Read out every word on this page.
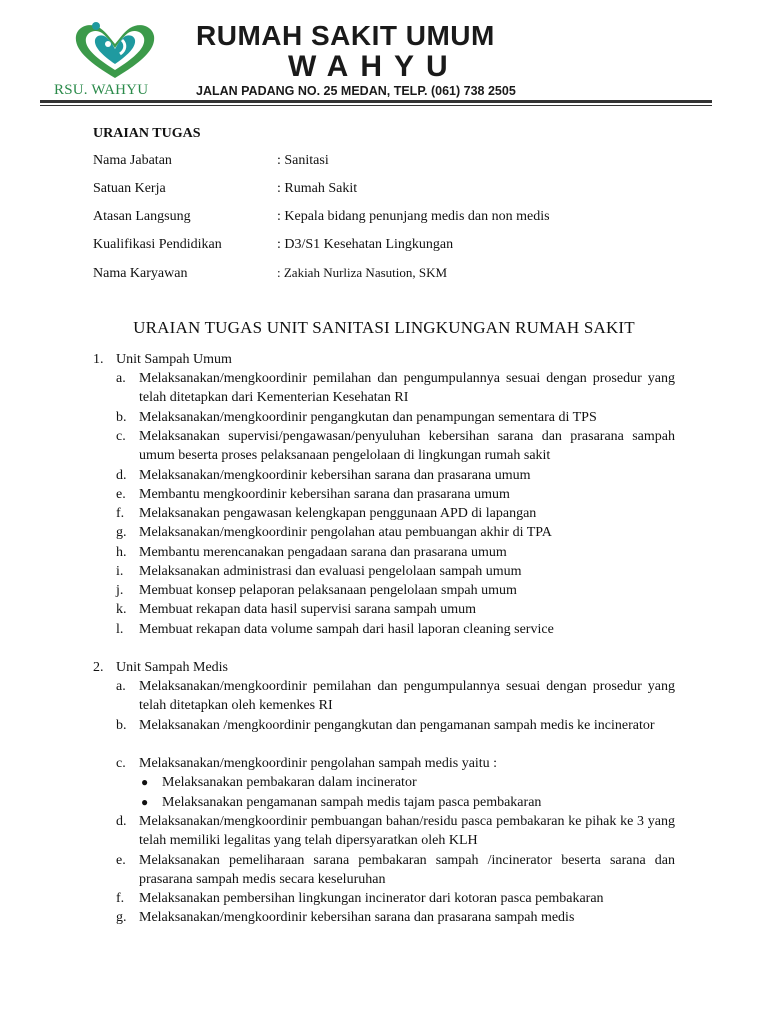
RSU. WAHYU
RUMAH SAKIT UMUM
WAHYU
JALAN PADANG NO. 25 MEDAN, TELP. (061) 738 2505
URAIAN TUGAS
Nama Jabatan	: Sanitasi
Satuan Kerja	: Rumah Sakit
Atasan Langsung	: Kepala bidang penunjang medis dan non medis
Kualifikasi Pendidikan	: D3/S1 Kesehatan Lingkungan
Nama Karyawan	: Zakiah Nurliza Nasution, SKM
URAIAN TUGAS UNIT SANITASI LINGKUNGAN RUMAH SAKIT
1. Unit Sampah Umum
a. Melaksanakan/mengkoordinir pemilahan dan pengumpulannya sesuai dengan prosedur yang telah ditetapkan dari Kementerian Kesehatan RI
b. Melaksanakan/mengkoordinir pengangkutan dan penampungan sementara di TPS
c. Melaksanakan supervisi/pengawasan/penyuluhan kebersihan sarana dan prasarana sampah umum beserta proses pelaksanaan pengelolaan di lingkungan rumah sakit
d. Melaksanakan/mengkoordinir kebersihan sarana dan prasarana umum
e. Membantu mengkoordinir kebersihan sarana dan prasarana umum
f. Melaksanakan pengawasan kelengkapan penggunaan APD di lapangan
g. Melaksanakan/mengkoordinir pengolahan atau pembuangan akhir di TPA
h. Membantu merencanakan pengadaan sarana dan prasarana umum
i. Melaksanakan administrasi dan evaluasi pengelolaan sampah umum
j. Membuat konsep pelaporan pelaksanaan pengelolaan smpah umum
k. Membuat rekapan data hasil supervisi sarana sampah umum
l. Membuat rekapan data volume sampah dari hasil laporan cleaning service
2. Unit Sampah Medis
a. Melaksanakan/mengkoordinir pemilahan dan pengumpulannya sesuai dengan prosedur yang telah ditetapkan oleh kemenkes RI
b. Melaksanakan /mengkoordinir pengangkutan dan pengamanan sampah medis ke incinerator
c. Melaksanakan/mengkoordinir pengolahan sampah medis yaitu :
● Melaksanakan pembakaran dalam incinerator
● Melaksanakan pengamanan sampah medis tajam pasca pembakaran
d. Melaksanakan/mengkoordinir pembuangan bahan/residu pasca pembakaran ke pihak ke 3 yang telah memiliki legalitas yang telah dipersyaratkan oleh KLH
e. Melaksanakan pemeliharaan sarana pembakaran sampah /incinerator beserta sarana dan prasarana sampah medis secara keseluruhan
f. Melaksanakan pembersihan lingkungan incinerator dari kotoran pasca pembakaran
g. Melaksanakan/mengkoordinir kebersihan sarana dan prasarana sampah medis
